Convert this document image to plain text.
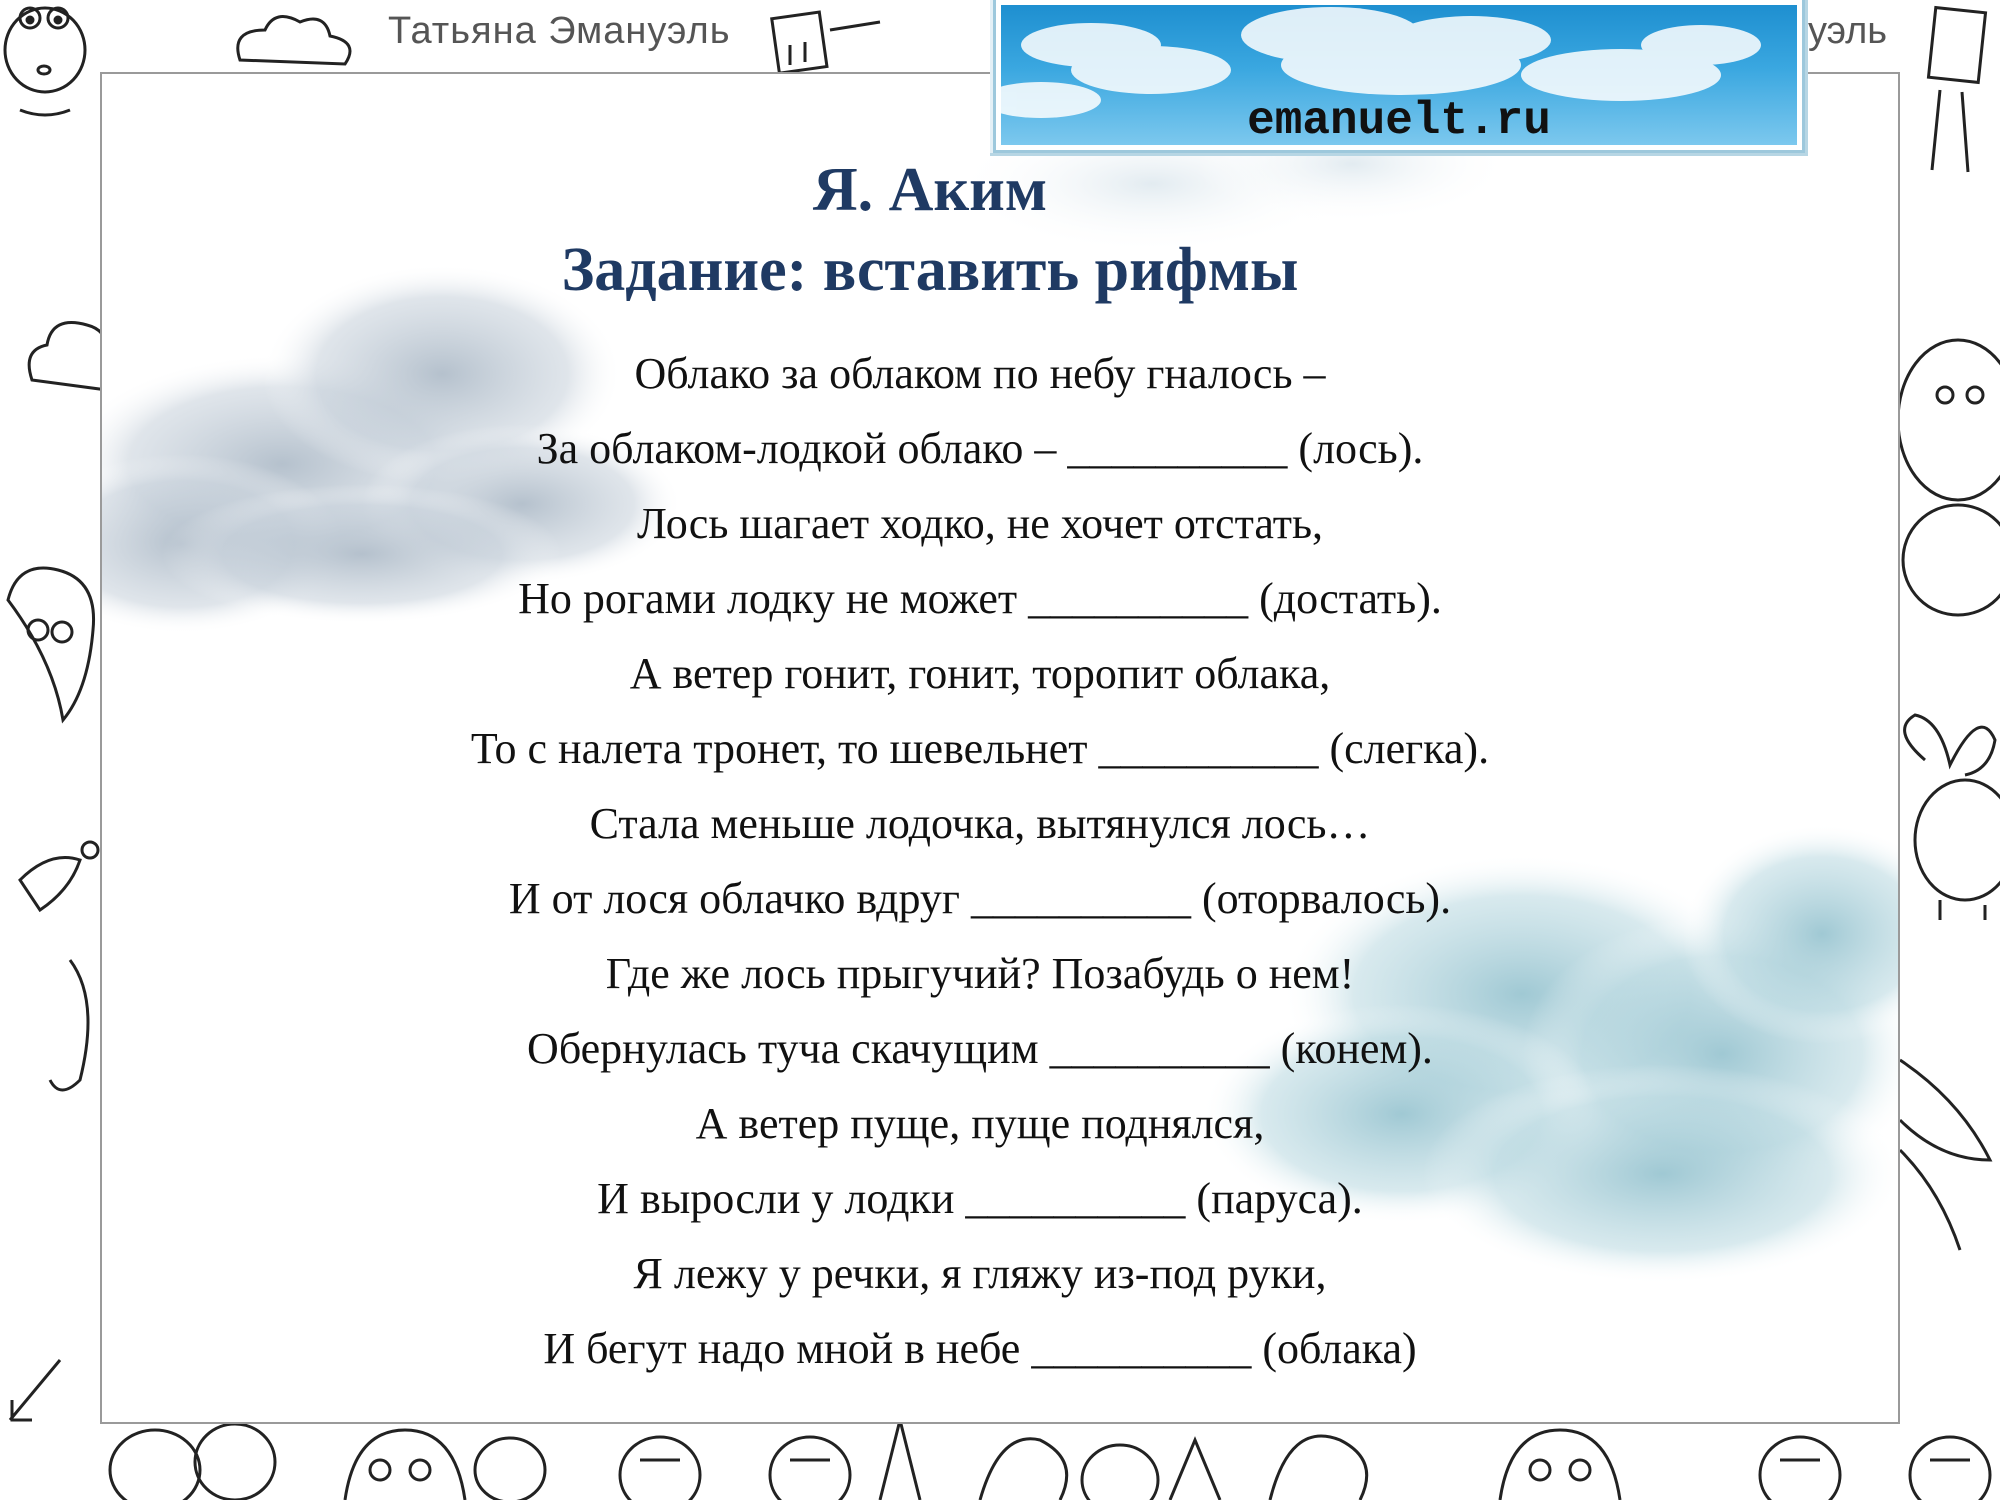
Татьяна Эмануэль	уэль
emanuelt.ru
Я. Аким
Задание: вставить рифмы
Облако за облаком по небу гналось –
За облаком-лодкой облако – __________ (лось).
Лось шагает ходко, не хочет отстать,
Но рогами лодку не может __________ (достать).
А ветер гонит, гонит, торопит облака,
То с налета тронет, то шевельнет __________ (слегка).
Стала меньше лодочка, вытянулся лось…
И от лося облачко вдруг __________ (оторвалось).
Где же лось прыгучий? Позабудь о нем!
Обернулась туча скачущим __________ (конем).
А ветер пуще, пуще поднялся,
И выросли у лодки __________ (паруса).
Я лежу у речки, я гляжу из-под руки,
И бегут надо мной в небе __________ (облака)
